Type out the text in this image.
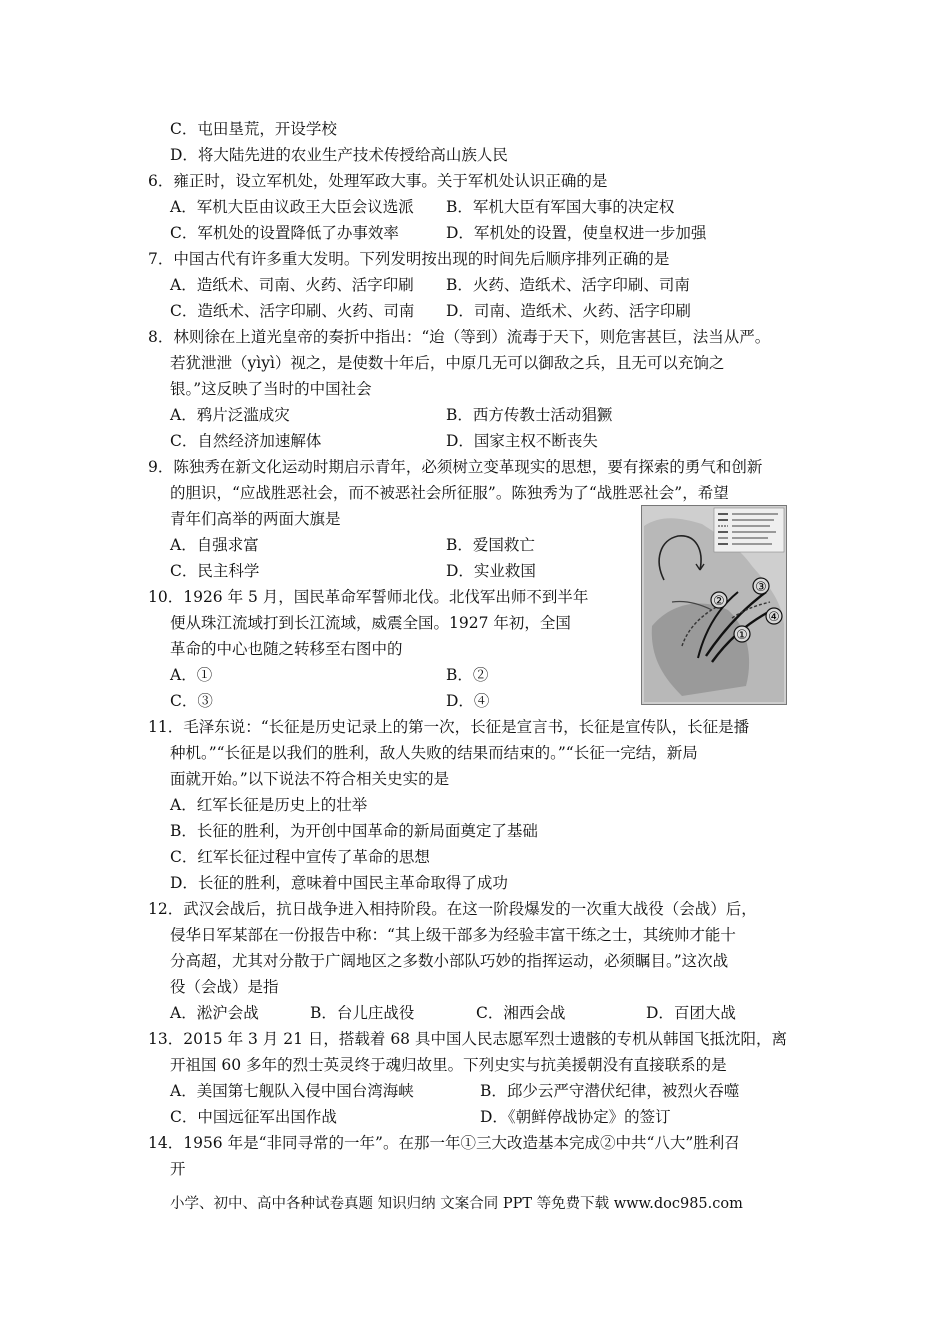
C．屯田垦荒，开设学校
D．将大陆先进的农业生产技术传授给高山族人民
6．雍正时，设立军机处，处理军政大事。关于军机处认识正确的是
A．军机大臣由议政王大臣会议选派 B．军机大臣有军国大事的决定权
C．军机处的设置降低了办事效率	D．军机处的设置，使皇权进一步加强
7．中国古代有许多重大发明。下列发明按出现的时间先后顺序排列正确的是
A．造纸术、司南、火药、活字印刷 B．火药、造纸术、活字印刷、司南
C．造纸术、活字印刷、火药、司南 D．司南、造纸术、火药、活字印刷
8．林则徐在上道光皇帝的奏折中指出：“迨（等到）流毒于天下，则危害甚巨，法当从严。
若犹泄泄（yìyì）视之，是使数十年后，中原几无可以御敌之兵，且无可以充饷之
银。”这反映了当时的中国社会
A．鸦片泛滥成灾	B．西方传教士活动猖獗
C．自然经济加速解体	D．国家主权不断丧失
9．陈独秀在新文化运动时期启示青年，必须树立变革现实的思想，要有探索的勇气和创新
的胆识，“应战胜恶社会，而不被恶社会所征服”。陈独秀为了“战胜恶社会”，希望
青年们高举的两面大旗是
A．自强求富	B．爱国救亡
C．民主科学	D．实业救国
10．1926 年 5 月，国民革命军誓师北伐。北伐军出师不到半年
便从珠江流域打到长江流域，威震全国。1927 年初，全国
革命的中心也随之转移至右图中的
A．①	B．②
C．③	D．④
11．毛泽东说：“长征是历史记录上的第一次，长征是宣言书，长征是宣传队，长征是播
种机。”“长征是以我们的胜利，敌人失败的结果而结束的。”“长征一完结，新局
面就开始。”以下说法不符合相关史实的是
A．红军长征是历史上的壮举
B．长征的胜利，为开创中国革命的新局面奠定了基础
C．红军长征过程中宣传了革命的思想
D．长征的胜利，意味着中国民主革命取得了成功
12．武汉会战后，抗日战争进入相持阶段。在这一阶段爆发的一次重大战役（会战）后，
侵华日军某部在一份报告中称：“其上级干部多为经验丰富干练之士，其统帅才能十
分高超，尤其对分散于广阔地区之多数小部队巧妙的指挥运动，必须瞩目。”这次战
役（会战）是指
A．淞沪会战	B．台儿庄战役	C．湘西会战	D．百团大战
13．2015 年 3 月 21 日，搭载着 68 具中国人民志愿军烈士遗骸的专机从韩国飞抵沈阳，离
开祖国 60 多年的烈士英灵终于魂归故里。下列史实与抗美援朝没有直接联系的是
A．美国第七舰队入侵中国台湾海峡	B．邱少云严守潜伏纪律，被烈火吞噬
C．中国远征军出国作战	D．《朝鲜停战协定》的签订
14．1956 年是“非同寻常的一年”。在那一年①三大改造基本完成②中共“八大”胜利召
开
①
②
③
④
小学、初中、高中各种试卷真题 知识归纳 文案合同 PPT 等免费下载 www.doc985.com
